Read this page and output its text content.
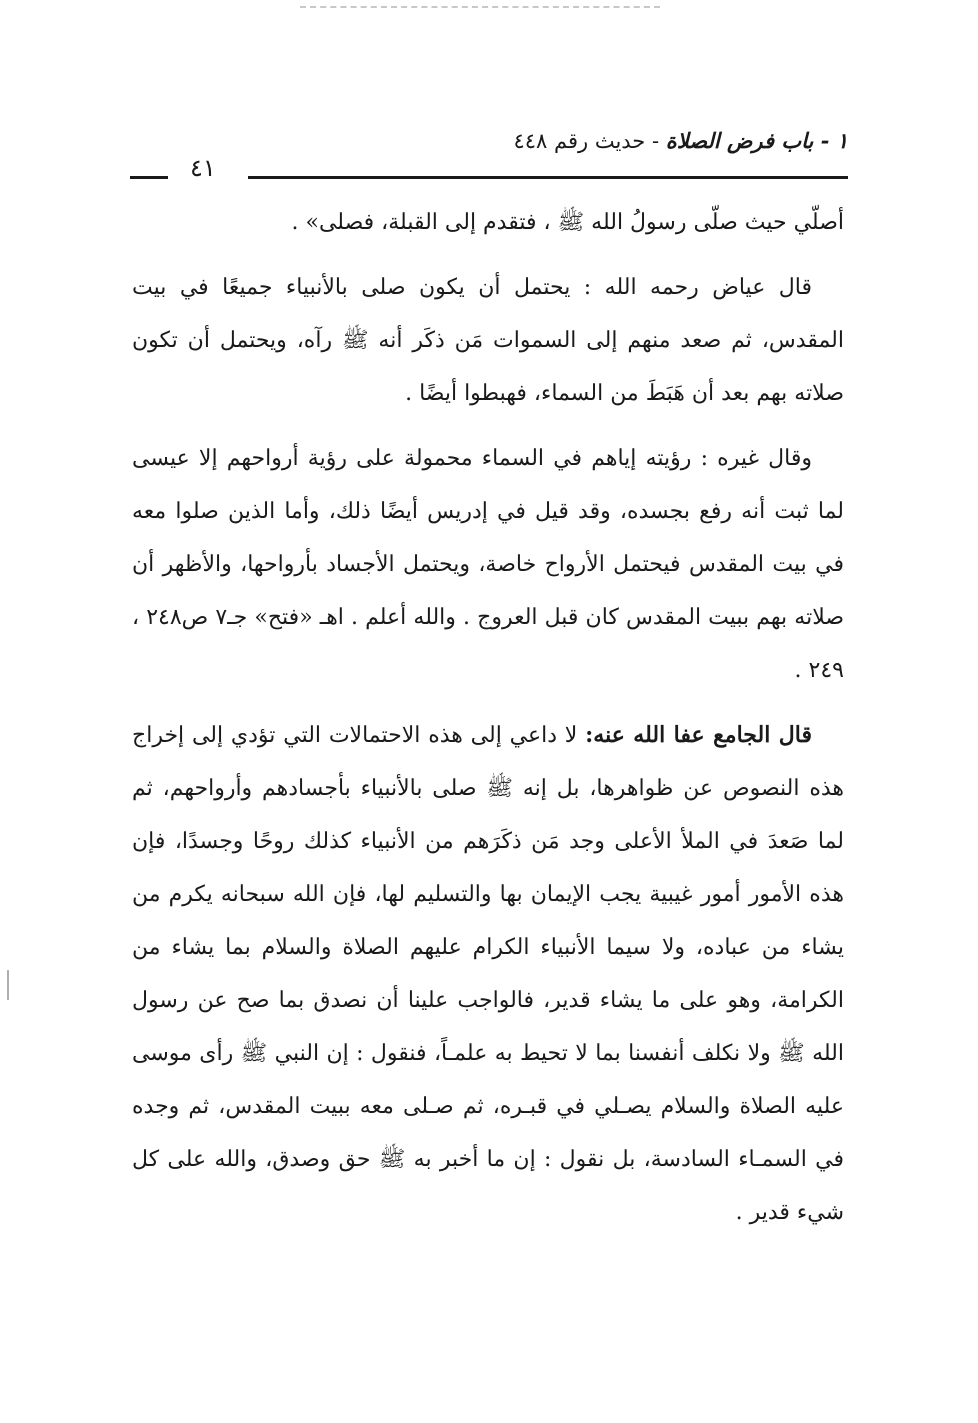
١ - باب فرض الصلاة - حديث رقم ٤٤٨
٤١

أصلّي حيث صلّى رسولُ الله ﷺ ، فتقدم إلى القبلة، فصلى» .

قال عياض رحمه الله : يحتمل أن يكون صلى بالأنبياء جميعًا في بيت المقدس، ثم صعد منهم إلى السموات مَن ذكَر أنه ﷺ رآه، ويحتمل أن تكون صلاته بهم بعد أن هَبَطَ من السماء، فهبطوا أيضًا .

وقال غيره : رؤيته إياهم في السماء محمولة على رؤية أرواحهم إلا عيسى لما ثبت أنه رفع بجسده، وقد قيل في إدريس أيضًا ذلك، وأما الذين صلوا معه في بيت المقدس فيحتمل الأرواح خاصة، ويحتمل الأجساد بأرواحها، والأظهر أن صلاته بهم ببيت المقدس كان قبل العروج . والله أعلم . اهـ «فتح» جـ٧ ص٢٤٨ ، ٢٤٩ .

قال الجامع عفا الله عنه: لا داعي إلى هذه الاحتمالات التي تؤدي إلى إخراج هذه النصوص عن ظواهرها، بل إنه ﷺ صلى بالأنبياء بأجسادهم وأرواحهم، ثم لما صَعدَ في الملأ الأعلى وجد مَن ذكَرَهم من الأنبياء كذلك روحًا وجسدًا، فإن هذه الأمور أمور غيبية يجب الإيمان بها والتسليم لها، فإن الله سبحانه يكرم من يشاء من عباده، ولا سيما الأنبياء الكرام عليهم الصلاة والسلام بما يشاء من الكرامة، وهو على ما يشاء قدير، فالواجب علينا أن نصدق بما صح عن رسول الله ﷺ ولا نكلف أنفسنا بما لا تحيط به علمـاً، فنقول : إن النبي ﷺ رأى موسى عليه الصلاة والسلام يصـلي في قبـره، ثم صـلى معه ببيت المقدس، ثم وجده في السمـاء السادسة، بل نقول : إن ما أخبر به ﷺ حق وصدق، والله على كل شيء قدير .
